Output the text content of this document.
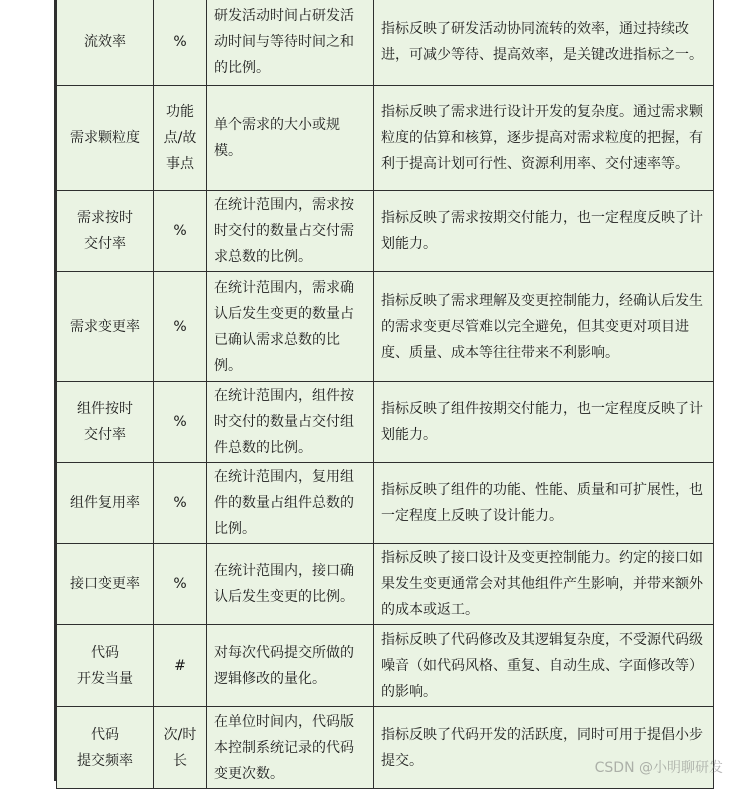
流效率	%	研发活动时间占研发活动时间与等待时间之和的比例。	指标反映了研发活动协同流转的效率，通过持续改进，可减少等待、提高效率，是关键改进指标之一。

需求颗粒度	功能点/故事点	单个需求的大小或规模。	指标反映了需求进行设计开发的复杂度。通过需求颗粒度的估算和核算，逐步提高对需求粒度的把握，有利于提高计划可行性、资源利用率、交付速率等。

需求按时
交付率	%	在统计范围内，需求按时交付的数量占交付需求总数的比例。	指标反映了需求按期交付能力，也一定程度反映了计划能力。

需求变更率	%	在统计范围内，需求确认后发生变更的数量占已确认需求总数的比例。	指标反映了需求理解及变更控制能力，经确认后发生的需求变更尽管难以完全避免，但其变更对项目进度、质量、成本等往往带来不利影响。

组件按时
交付率	%	在统计范围内，组件按时交付的数量占交付组件总数的比例。	指标反映了组件按期交付能力，也一定程度反映了计划能力。

组件复用率	%	在统计范围内，复用组件的数量占组件总数的比例。	指标反映了组件的功能、性能、质量和可扩展性，也一定程度上反映了设计能力。

接口变更率	%	在统计范围内，接口确认后发生变更的比例。	指标反映了接口设计及变更控制能力。约定的接口如果发生变更通常会对其他组件产生影响，并带来额外的成本或返工。

代码
开发当量	#	对每次代码提交所做的逻辑修改的量化。	指标反映了代码修改及其逻辑复杂度，不受源代码级噪音（如代码风格、重复、自动生成、字面修改等）的影响。

代码
提交频率	次/时长	在单位时间内，代码版本控制系统记录的代码变更次数。	指标反映了代码开发的活跃度，同时可用于提倡小步提交。	CSDN @小明聊研发
